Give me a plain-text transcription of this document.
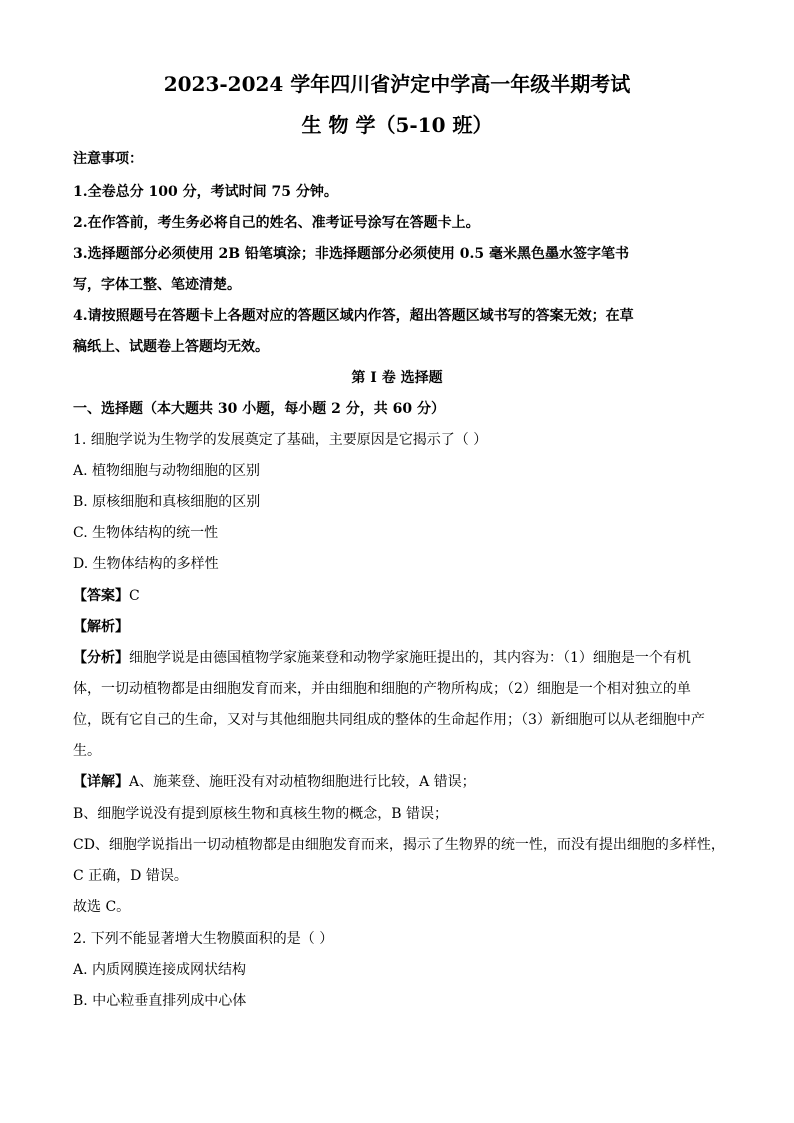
2023-2024 学年四川省泸定中学高一年级半期考试
生 物 学（5-10 班）
注意事项：
1.全卷总分 100 分，考试时间 75 分钟。
2.在作答前，考生务必将自己的姓名、准考证号涂写在答题卡上。
3.选择题部分必须使用 2B 铅笔填涂；非选择题部分必须使用 0.5 毫米黑色墨水签字笔书
写，字体工整、笔迹清楚。
4.请按照题号在答题卡上各题对应的答题区域内作答，超出答题区域书写的答案无效；在草
稿纸上、试题卷上答题均无效。
第 I 卷 选择题
一、选择题（本大题共 30 小题，每小题 2 分，共 60 分）
1. 细胞学说为生物学的发展奠定了基础，主要原因是它揭示了（ ）
A. 植物细胞与动物细胞的区别
B. 原核细胞和真核细胞的区别
C. 生物体结构的统一性
D. 生物体结构的多样性
【答案】C
【解析】
【分析】细胞学说是由德国植物学家施莱登和动物学家施旺提出的，其内容为：（1）细胞是一个有机
体，一切动植物都是由细胞发育而来，并由细胞和细胞的产物所构成；（2）细胞是一个相对独立的单
位，既有它自己的生命，又对与其他细胞共同组成的整体的生命起作用；（3）新细胞可以从老细胞中产
生。
【详解】A、施莱登、施旺没有对动植物细胞进行比较，A 错误；
B、细胞学说没有提到原核生物和真核生物的概念，B 错误；
CD、细胞学说指出一切动植物都是由细胞发育而来，揭示了生物界的统一性，而没有提出细胞的多样性，
C 正确，D 错误。
故选 C。
2. 下列不能显著增大生物膜面积的是（ ）
A. 内质网膜连接成网状结构
B. 中心粒垂直排列成中心体
